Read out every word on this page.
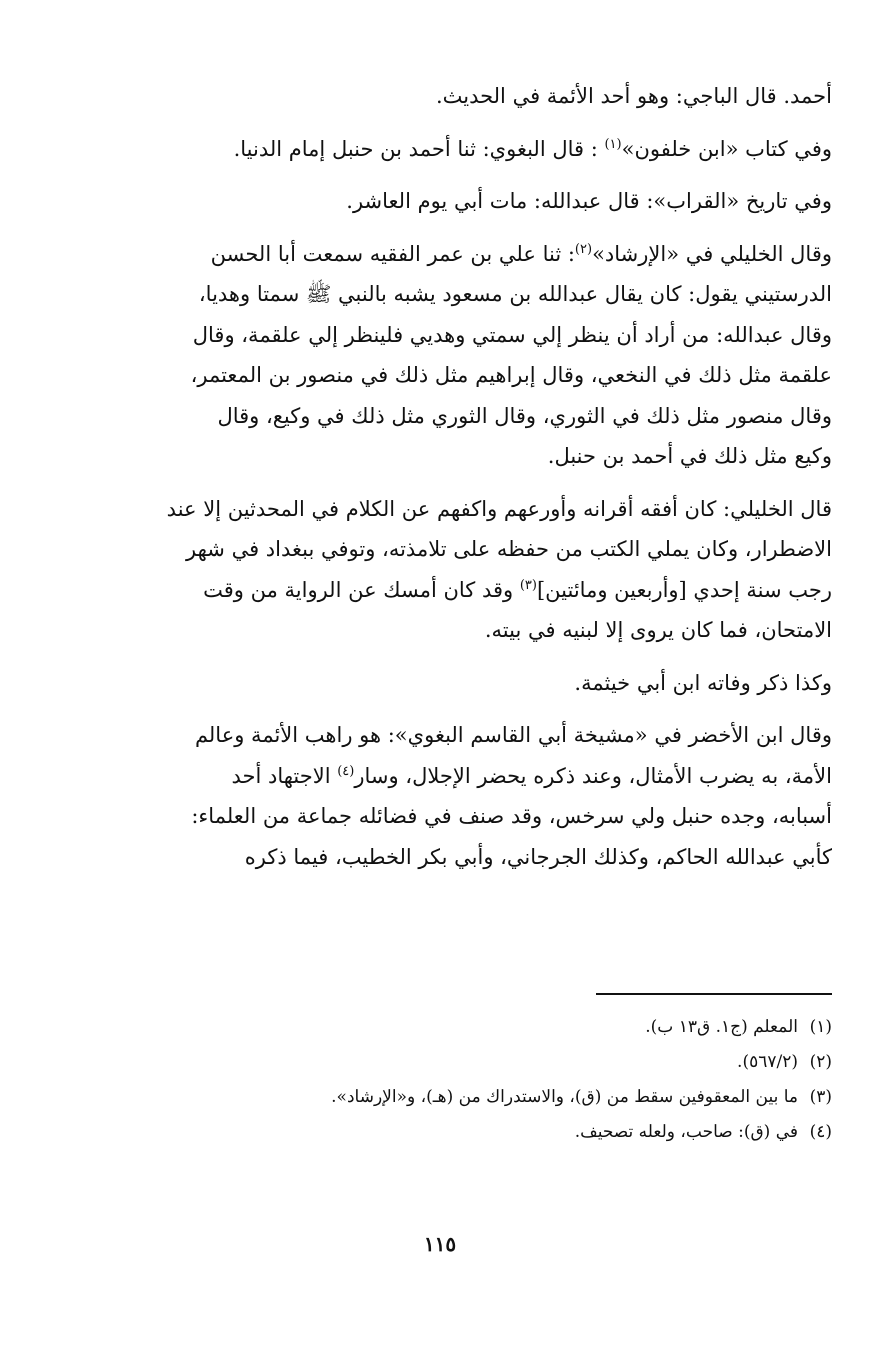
أحمد. قال الباجي: وهو أحد الأئمة في الحديث.

وفي كتاب «ابن خلفون»$^{(١)}$ : قال البغوي: ثنا أحمد بن حنبل إمام الدنيا.

وفي تاريخ «القراب»: قال عبدالله: مات أبي يوم العاشر.

وقال الخليلي في «الإرشاد»$^{(٢)}$: ثنا علي بن عمر الفقيه سمعت أبا الحسن
الدرستيني يقول: كان يقال عبدالله بن مسعود يشبه بالنبي ﷺ سمتا وهديا،
وقال عبدالله: من أراد أن ينظر إلي سمتي وهديي فلينظر إلي علقمة، وقال
علقمة مثل ذلك في النخعي، وقال إبراهيم مثل ذلك في منصور بن المعتمر،
وقال منصور مثل ذلك في الثوري، وقال الثوري مثل ذلك في وكيع، وقال
وكيع مثل ذلك في أحمد بن حنبل.

قال الخليلي: كان أفقه أقرانه وأورعهم واكفهم عن الكلام في المحدثين إلا عند
الاضطرار، وكان يملي الكتب من حفظه على تلامذته، وتوفي ببغداد في شهر
رجب سنة إحدي [وأربعين ومائتين]$^{(٣)}$ وقد كان أمسك عن الرواية من وقت
الامتحان، فما كان يروى إلا لبنيه في بيته.

وكذا ذكر وفاته ابن أبي خيثمة.

وقال ابن الأخضر في «مشيخة أبي القاسم البغوي»: هو راهب الأئمة وعالم
الأمة، به يضرب الأمثال، وعند ذكره يحضر الإجلال، وسار$^{(٤)}$ الاجتهاد أحد
أسبابه، وجده حنبل ولي سرخس، وقد صنف في فضائله جماعة من العلماء:
كأبي عبدالله الحاكم، وكذلك الجرجاني، وأبي بكر الخطيب، فيما ذكره

(١)المعلم (ج١. ق١٣ ب).
(٢)(٥٦٧/٢).
(٣)ما بين المعقوفين سقط من (ق)، والاستدراك من (هـ)، و«الإرشاد».
(٤)في (ق): صاحب، ولعله تصحيف.
١١٥
